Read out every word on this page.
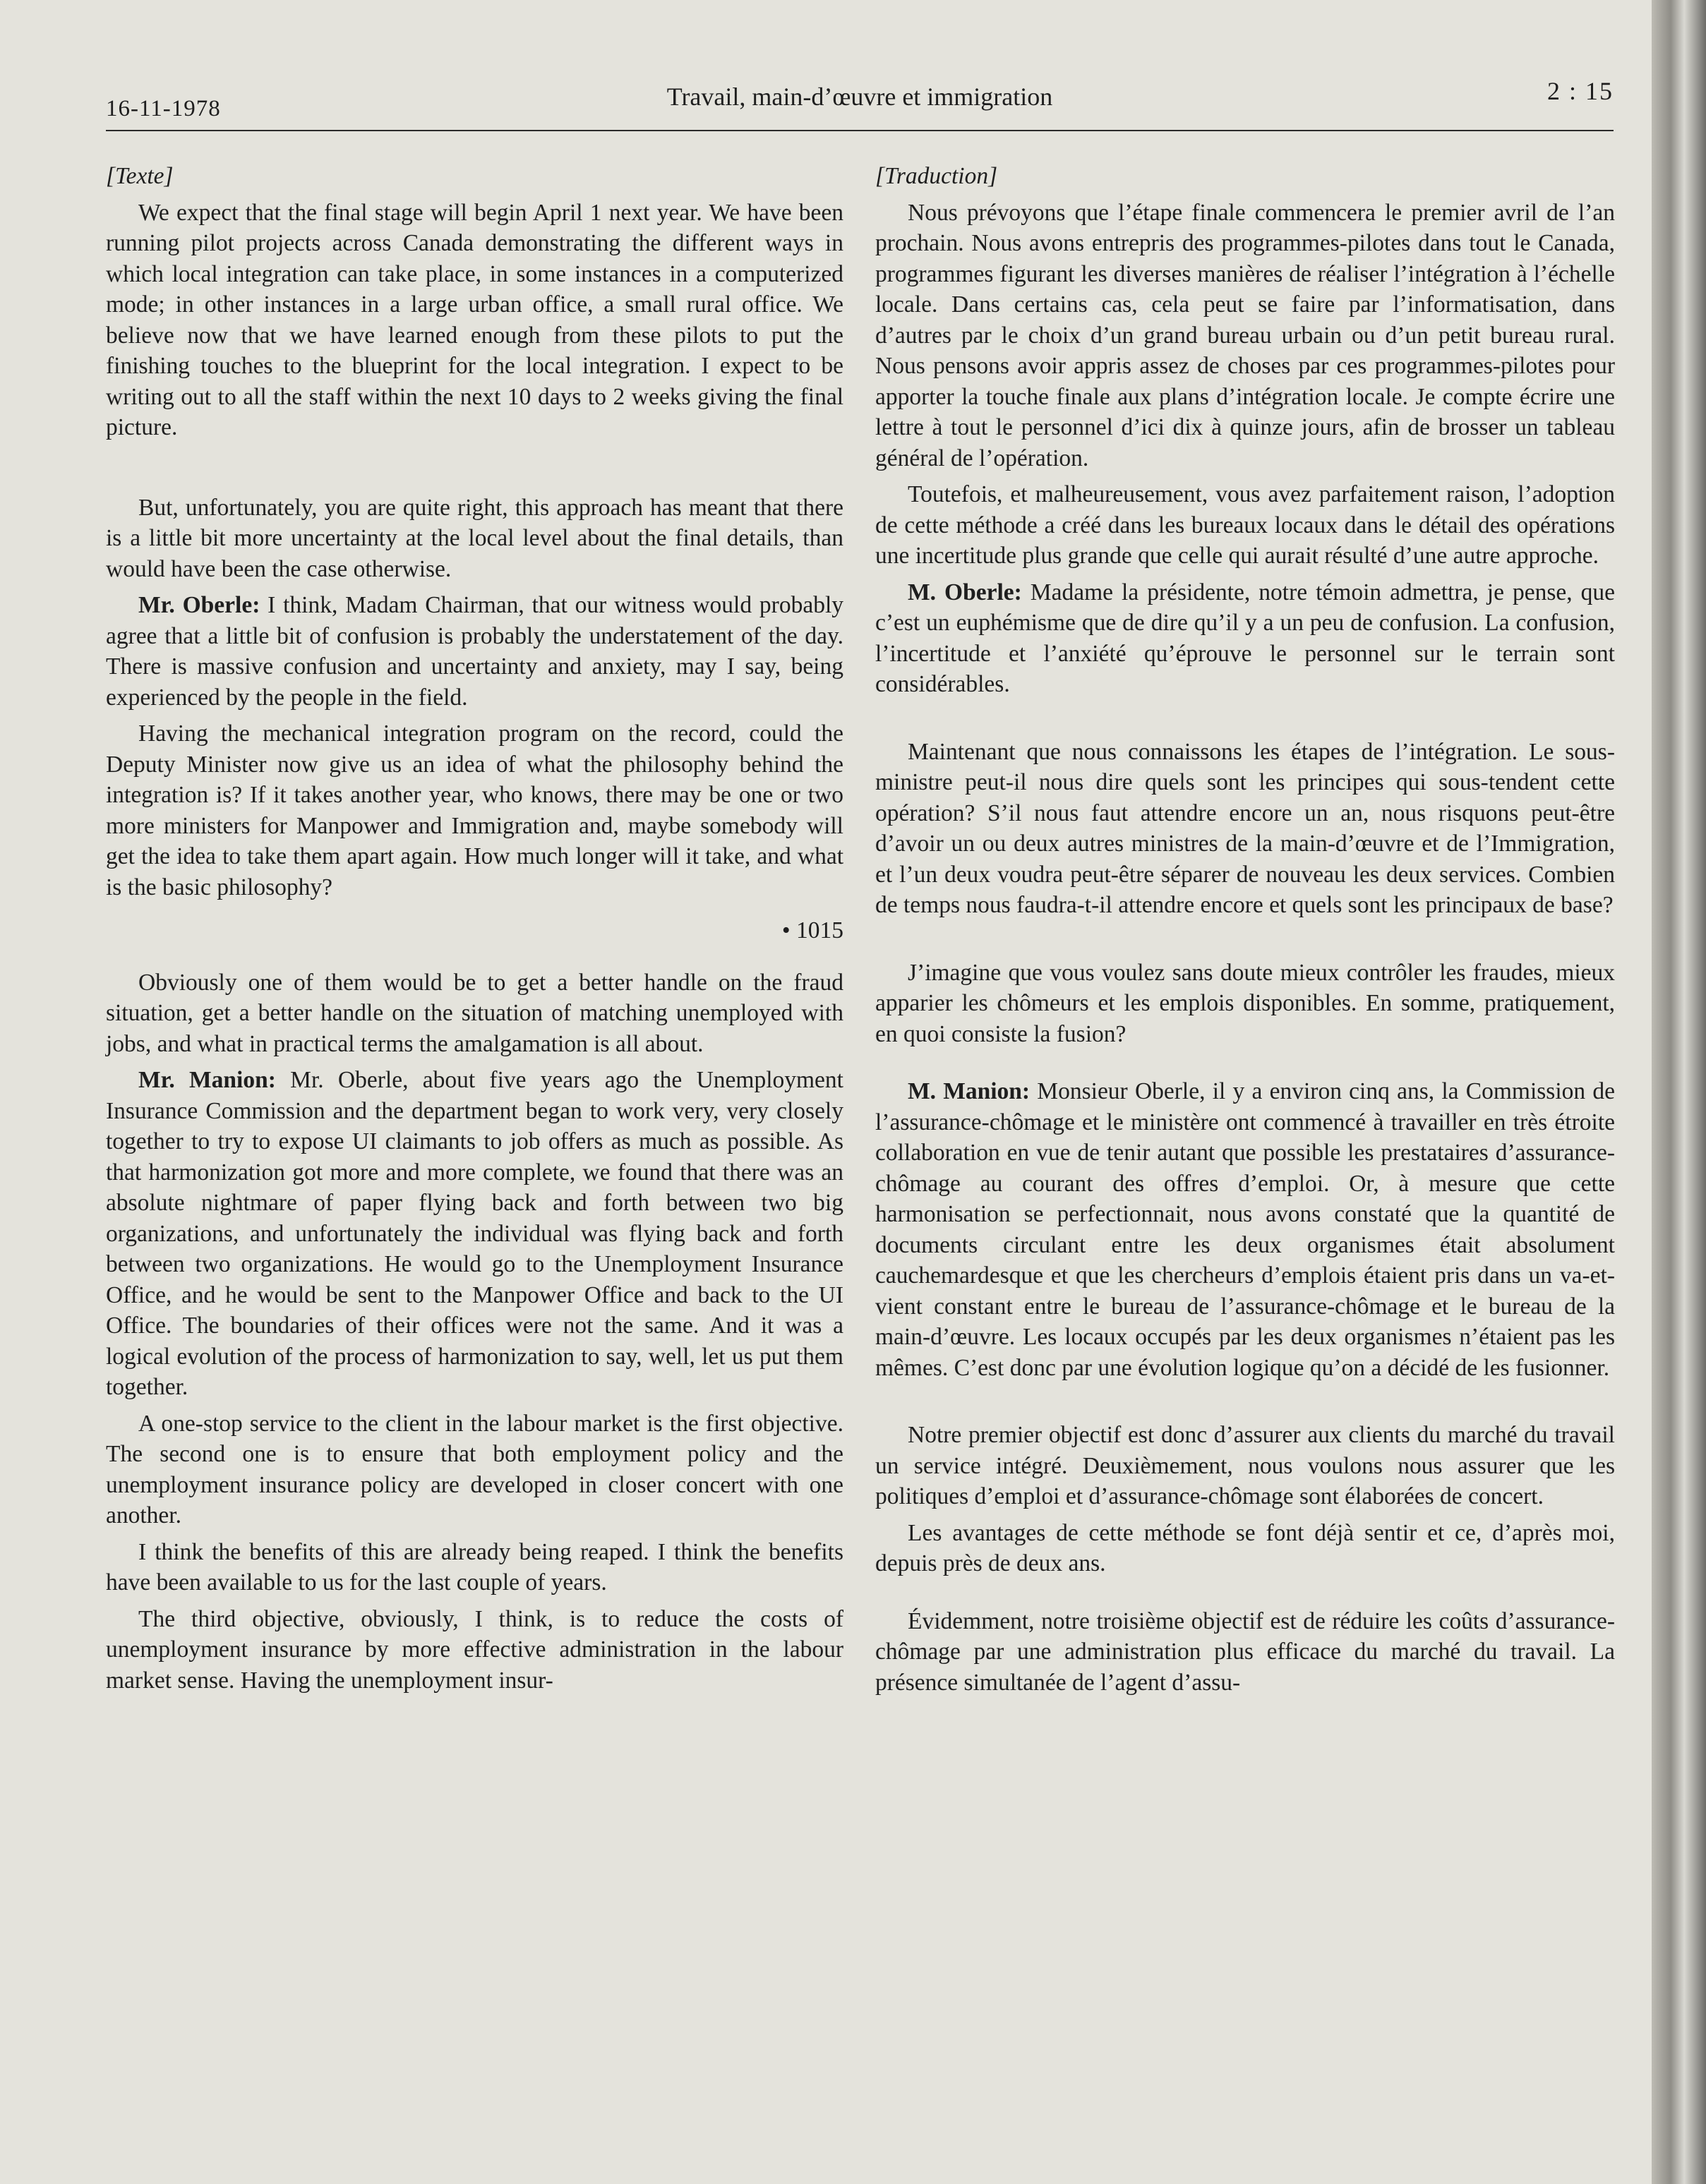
16-11-1978	Travail, main-d’œuvre et immigration	2 : 15

[Texte]

We expect that the final stage will begin April 1 next year. We have been running pilot projects across Canada demonstrating the different ways in which local integration can take place, in some instances in a computerized mode; in other instances in a large urban office, a small rural office. We believe now that we have learned enough from these pilots to put the finishing touches to the blueprint for the local integration. I expect to be writing out to all the staff within the next 10 days to 2 weeks giving the final picture.

But, unfortunately, you are quite right, this approach has meant that there is a little bit more uncertainty at the local level about the final details, than would have been the case otherwise.

Mr. Oberle: I think, Madam Chairman, that our witness would probably agree that a little bit of confusion is probably the understatement of the day. There is massive confusion and uncertainty and anxiety, may I say, being experienced by the people in the field.

Having the mechanical integration program on the record, could the Deputy Minister now give us an idea of what the philosophy behind the integration is? If it takes another year, who knows, there may be one or two more ministers for Manpower and Immigration and, maybe somebody will get the idea to take them apart again. How much longer will it take, and what is the basic philosophy?

• 1015

Obviously one of them would be to get a better handle on the fraud situation, get a better handle on the situation of matching unemployed with jobs, and what in practical terms the amalgamation is all about.

Mr. Manion: Mr. Oberle, about five years ago the Unemployment Insurance Commission and the department began to work very, very closely together to try to expose UI claimants to job offers as much as possible. As that harmonization got more and more complete, we found that there was an absolute nightmare of paper flying back and forth between two big organizations, and unfortunately the individual was flying back and forth between two organizations. He would go to the Unemployment Insurance Office, and he would be sent to the Manpower Office and back to the UI Office. The boundaries of their offices were not the same. And it was a logical evolution of the process of harmonization to say, well, let us put them together.

A one-stop service to the client in the labour market is the first objective. The second one is to ensure that both employment policy and the unemployment insurance policy are developed in closer concert with one another.

I think the benefits of this are already being reaped. I think the benefits have been available to us for the last couple of years.

The third objective, obviously, I think, is to reduce the costs of unemployment insurance by more effective administration in the labour market sense. Having the unemployment insur-

[Traduction]

Nous prévoyons que l’étape finale commencera le premier avril de l’an prochain. Nous avons entrepris des programmes-pilotes dans tout le Canada, programmes figurant les diverses manières de réaliser l’intégration à l’échelle locale. Dans certains cas, cela peut se faire par l’informatisation, dans d’autres par le choix d’un grand bureau urbain ou d’un petit bureau rural. Nous pensons avoir appris assez de choses par ces programmes-pilotes pour apporter la touche finale aux plans d’intégration locale. Je compte écrire une lettre à tout le personnel d’ici dix à quinze jours, afin de brosser un tableau général de l’opération.

Toutefois, et malheureusement, vous avez parfaitement raison, l’adoption de cette méthode a créé dans les bureaux locaux dans le détail des opérations une incertitude plus grande que celle qui aurait résulté d’une autre approche.

M. Oberle: Madame la présidente, notre témoin admettra, je pense, que c’est un euphémisme que de dire qu’il y a un peu de confusion. La confusion, l’incertitude et l’anxiété qu’éprouve le personnel sur le terrain sont considérables.

Maintenant que nous connaissons les étapes de l’intégration. Le sous-ministre peut-il nous dire quels sont les principes qui sous-tendent cette opération? S’il nous faut attendre encore un an, nous risquons peut-être d’avoir un ou deux autres ministres de la main-d’œuvre et de l’Immigration, et l’un deux voudra peut-être séparer de nouveau les deux services. Combien de temps nous faudra-t-il attendre encore et quels sont les principaux de base?

J’imagine que vous voulez sans doute mieux contrôler les fraudes, mieux apparier les chômeurs et les emplois disponibles. En somme, pratiquement, en quoi consiste la fusion?

M. Manion: Monsieur Oberle, il y a environ cinq ans, la Commission de l’assurance-chômage et le ministère ont commencé à travailler en très étroite collaboration en vue de tenir autant que possible les prestataires d’assurance-chômage au courant des offres d’emploi. Or, à mesure que cette harmonisation se perfectionnait, nous avons constaté que la quantité de documents circulant entre les deux organismes était absolument cauchemardesque et que les chercheurs d’emplois étaient pris dans un va-et-vient constant entre le bureau de l’assurance-chômage et le bureau de la main-d’œuvre. Les locaux occupés par les deux organismes n’étaient pas les mêmes. C’est donc par une évolution logique qu’on a décidé de les fusionner.

Notre premier objectif est donc d’assurer aux clients du marché du travail un service intégré. Deuxièmement, nous voulons nous assurer que les politiques d’emploi et d’assurance-chômage sont élaborées de concert.

Les avantages de cette méthode se font déjà sentir et ce, d’après moi, depuis près de deux ans.

Évidemment, notre troisième objectif est de réduire les coûts d’assurance-chômage par une administration plus efficace du marché du travail. La présence simultanée de l’agent d’assu-
